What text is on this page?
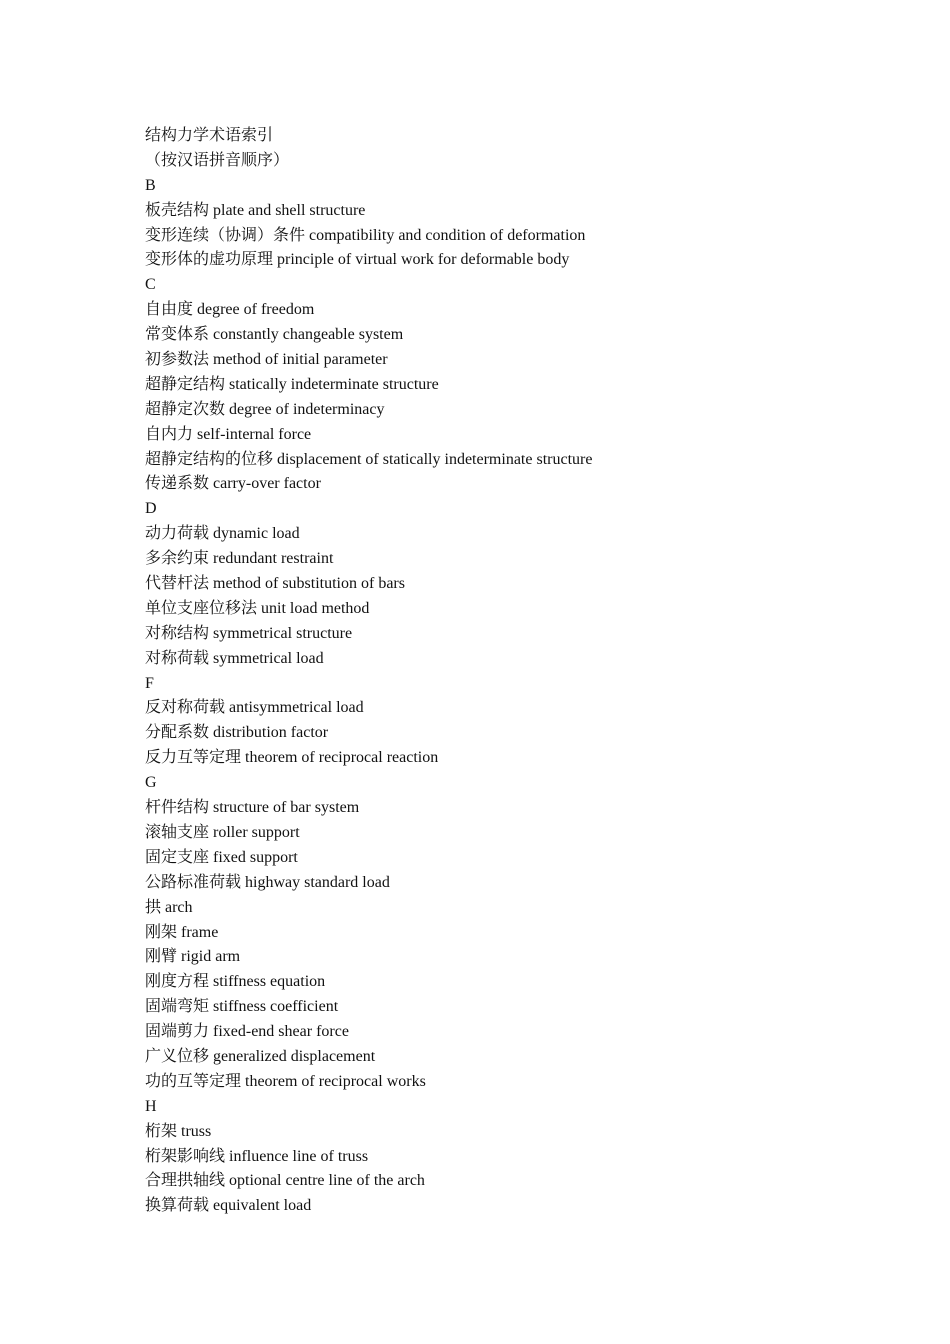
结构力学术语索引

（按汉语拼音顺序）

B

板壳结构 plate and shell structure

变形连续（协调）条件 compatibility and condition of deformation

变形体的虚功原理 principle of virtual work for deformable body

C

自由度 degree of freedom

常变体系 constantly changeable system

初参数法 method of initial parameter

超静定结构 statically indeterminate structure

超静定次数 degree of indeterminacy

自内力 self-internal force

超静定结构的位移 displacement of statically indeterminate structure

传递系数 carry-over factor

D

动力荷载 dynamic load

多余约束 redundant restraint

代替杆法 method of substitution of bars

单位支座位移法 unit load method

对称结构 symmetrical structure

对称荷载 symmetrical load

F

反对称荷载 antisymmetrical load

分配系数 distribution factor

反力互等定理 theorem of reciprocal reaction

G

杆件结构 structure of bar system

滚轴支座 roller support

固定支座 fixed support

公路标准荷载 highway standard load

拱 arch

刚架 frame

刚臂 rigid arm

刚度方程 stiffness equation

固端弯矩 stiffness coefficient

固端剪力 fixed-end shear force

广义位移 generalized displacement

功的互等定理 theorem of reciprocal works

H

桁架 truss

桁架影响线 influence line of truss

合理拱轴线 optional centre line of the arch

换算荷载 equivalent load
